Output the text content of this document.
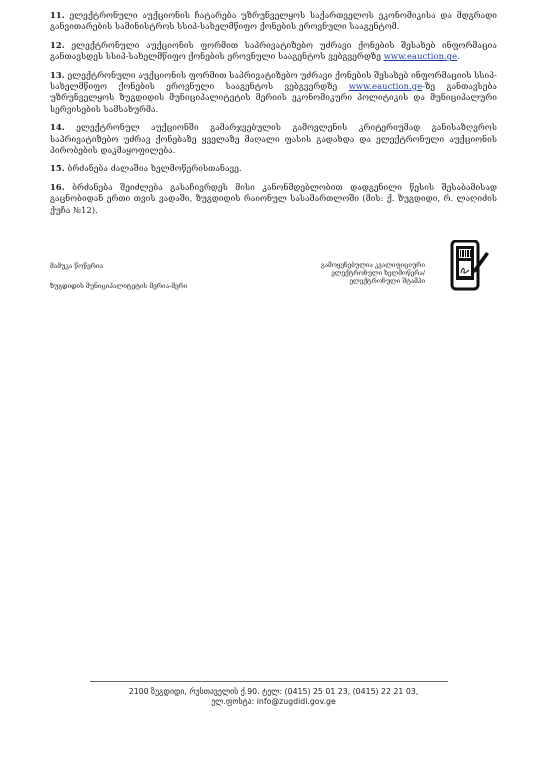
11. ელექტრონული აუქციონის ჩატარება უზრუნველყოს საქართველოს ეკონომიკისა და მდგრადი განვითარების სამინისტროს სსიპ-სახელმწიფო ქონების ეროვნული სააგენტომ.

12. ელექტრონული აუქციონის ფორმით საპრივატიზებო უძრავი ქონების შესახებ ინფორმაცია განთავსდეს სსიპ-სახელმწიფო ქონების ეროვნული სააგენტოს ვებგვერდზე www.eauction.ge.

13. ელექტრონული აუქციონის ფორმით საპრივატიზებო უძრავი ქონების შესახებ ინფორმაციის სსიპ-სახელმწიფო ქონების ეროვნული სააგენტოს ვებგვერდზე www.eauction.ge-ზე განთავსება უზრუნველყოს ზუგდიდის მუნიციპალიტეტის მერიის ეკონომიკური პოლიტიკის და მუნიციპალური სერვისების სამსახურმა.

14. ელექტრონულ აუქციონში გამარჯვებულის გამოვლენის კრიტერიუმად განისაზღვროს საპრივატიზებო უძრავ ქონებაზე ყველაზე მაღალი ფასის გადახდა და ელექტრონული აუქციონის პირობების დაკმაყოფილება.

15. ბრძანება ძალაშია ხელმოწერისთანავე.

16. ბრძანება შეიძლება გასაჩივრდეს მისი კანონმდებლობით დადგენილი წესის შესაბამისად გაცნობიდან ერთი თვის ვადაში, ზუგდიდის რაიონულ სასამართლოში (მის: ქ. ზუგდიდი, რ. ლაღიძის ქუჩა №12).

მამუკა წოწერია
ზუგდიდის მუნიციპალიტეტის მერია-მერი
გამოყენებულია კვალიფიციური
ელექტრონული ხელმოწერა/
ელექტრონული შტამპი
2100 ზუგდიდი, რუსთაველის ქ.90. ტელ: (0415) 25 01 23, (0415) 22 21 03,
ელ.ფოსტა: info@zugdidi.gov.ge
